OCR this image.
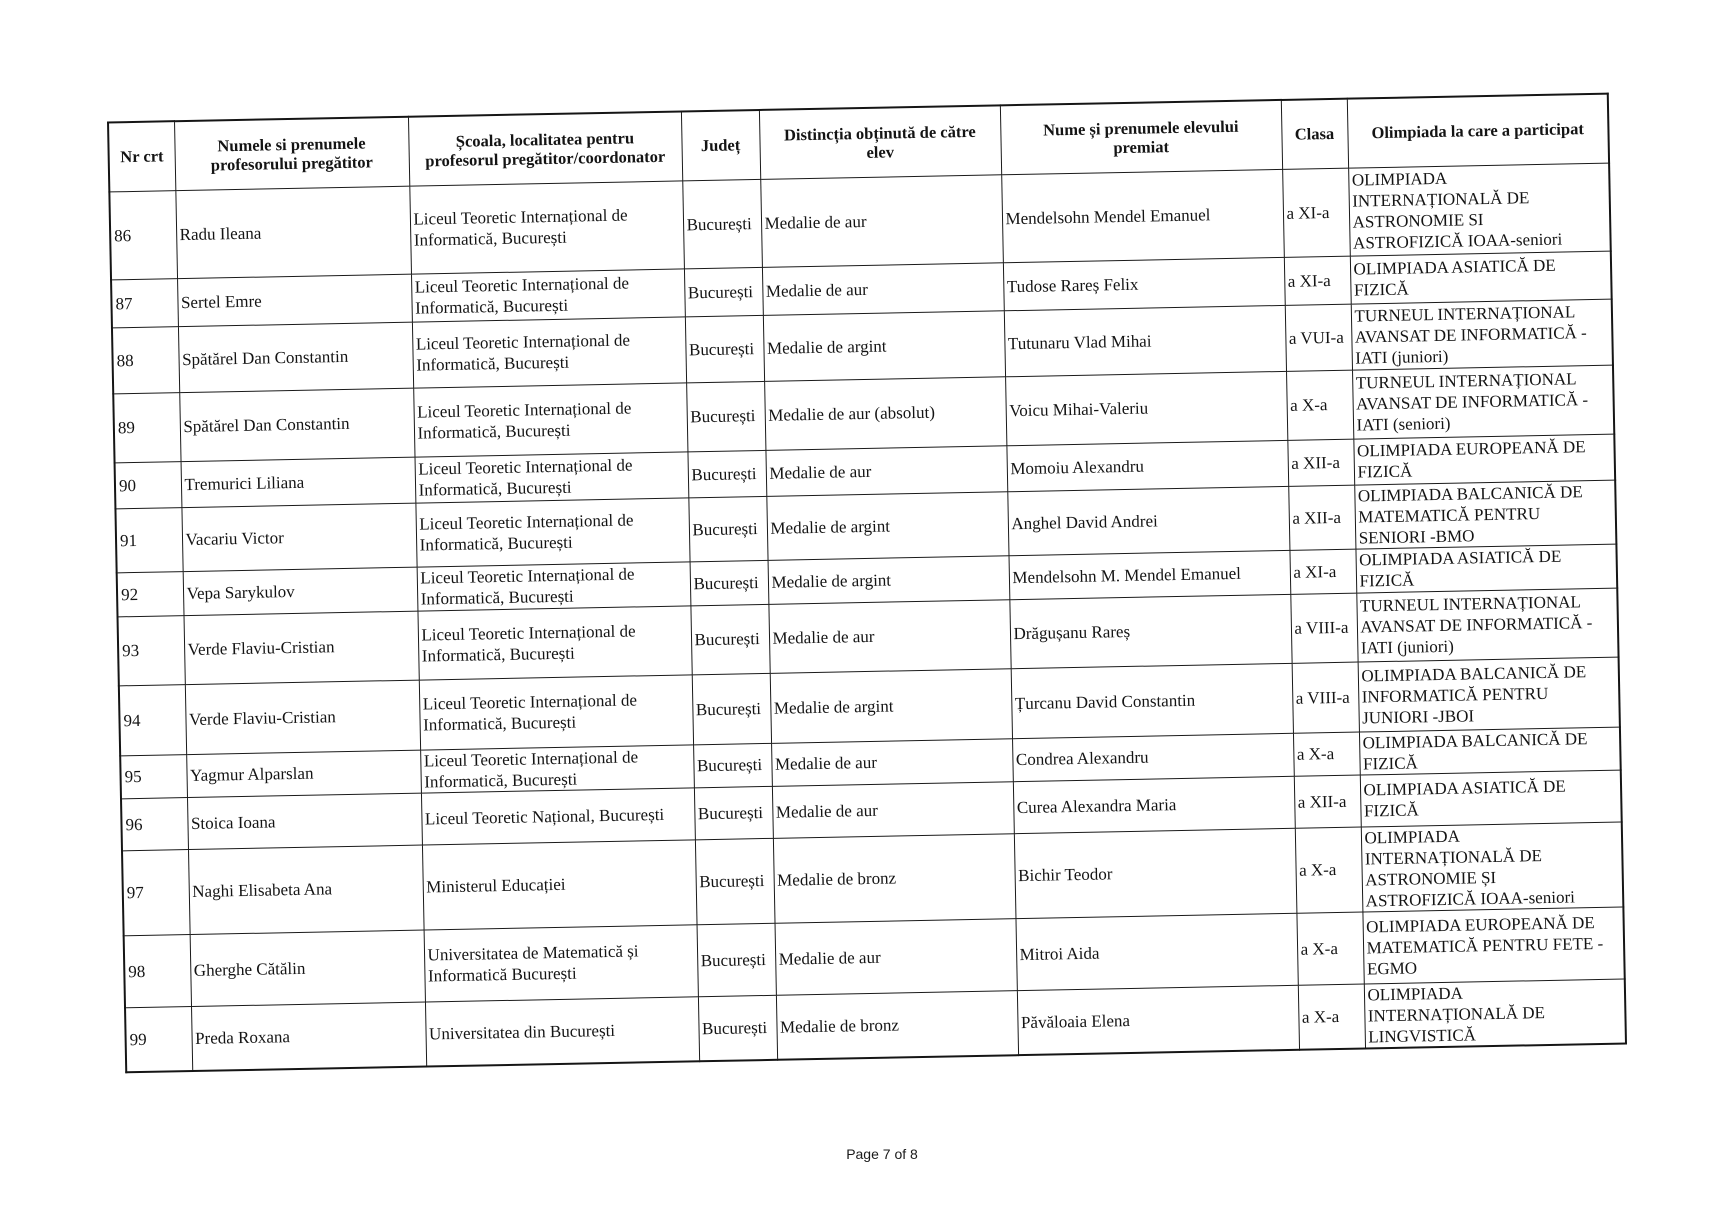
Nr crt	Numele si prenumele
profesorului pregătitor	Școala, localitatea pentru
profesorul pregătitor/coordonator	Județ	Distincția obținută de către
elev	Nume și prenumele elevului
premiat	Clasa	Olimpiada la care a participat
86	Radu Ileana	Liceul Teoretic Internațional de Informatică, București	București	Medalie de aur	Mendelsohn Mendel Emanuel	a XI-a	OLIMPIADA
INTERNAȚIONALĂ DE
ASTRONOMIE SI
ASTROFIZICĂ IOAA-seniori
87	Sertel Emre	Liceul Teoretic Internațional de Informatică, București	București	Medalie de aur	Tudose Rareș Felix	a XI-a	OLIMPIADA ASIATICĂ DE
FIZICĂ
88	Spătărel Dan Constantin	Liceul Teoretic Internațional de Informatică, București	București	Medalie de argint	Tutunaru Vlad Mihai	a VUI-a	TURNEUL INTERNAȚIONAL
AVANSAT DE INFORMATICĂ -
IATI (juniori)
89	Spătărel Dan Constantin	Liceul Teoretic Internațional de Informatică, București	București	Medalie de aur (absolut)	Voicu Mihai-Valeriu	a X-a	TURNEUL INTERNAȚIONAL
AVANSAT DE INFORMATICĂ -
IATI (seniori)
90	Tremurici Liliana	Liceul Teoretic Internațional de Informatică, București	București	Medalie de aur	Momoiu Alexandru	a XII-a	OLIMPIADA EUROPEANĂ DE
FIZICĂ
91	Vacariu Victor	Liceul Teoretic Internațional de Informatică, București	București	Medalie de argint	Anghel David Andrei	a XII-a	OLIMPIADA BALCANICĂ DE
MATEMATICĂ PENTRU
SENIORI -BMO
92	Vepa Sarykulov	Liceul Teoretic Internațional de Informatică, București	București	Medalie de argint	Mendelsohn M. Mendel Emanuel	a XI-a	OLIMPIADA ASIATICĂ DE
FIZICĂ
93	Verde Flaviu-Cristian	Liceul Teoretic Internațional de Informatică, București	București	Medalie de aur	Drăgușanu Rareș	a VIII-a	TURNEUL INTERNAȚIONAL
AVANSAT DE INFORMATICĂ -
IATI (juniori)
94	Verde Flaviu-Cristian	Liceul Teoretic Internațional de Informatică, București	București	Medalie de argint	Țurcanu David Constantin	a VIII-a	OLIMPIADA BALCANICĂ DE
INFORMATICĂ PENTRU
JUNIORI -JBOI
95	Yagmur Alparslan	Liceul Teoretic Internațional de Informatică, București	București	Medalie de aur	Condrea Alexandru	a X-a	OLIMPIADA BALCANICĂ DE
FIZICĂ
96	Stoica Ioana	Liceul Teoretic Național, București	București	Medalie de aur	Curea Alexandra Maria	a XII-a	OLIMPIADA ASIATICĂ DE
FIZICĂ
97	Naghi Elisabeta Ana	Ministerul Educației	București	Medalie de bronz	Bichir Teodor	a X-a	OLIMPIADA
INTERNAȚIONALĂ DE
ASTRONOMIE ȘI
ASTROFIZICĂ IOAA-seniori
98	Gherghe Cătălin	Universitatea de Matematică și Informatică București	București	Medalie de aur	Mitroi Aida	a X-a	OLIMPIADA EUROPEANĂ DE
MATEMATICĂ PENTRU FETE -
EGMO
99	Preda Roxana	Universitatea din București	București	Medalie de bronz	Păvăloaia Elena	a X-a	OLIMPIADA
INTERNAȚIONALĂ DE
LINGVISTICĂ
Page 7 of 8
